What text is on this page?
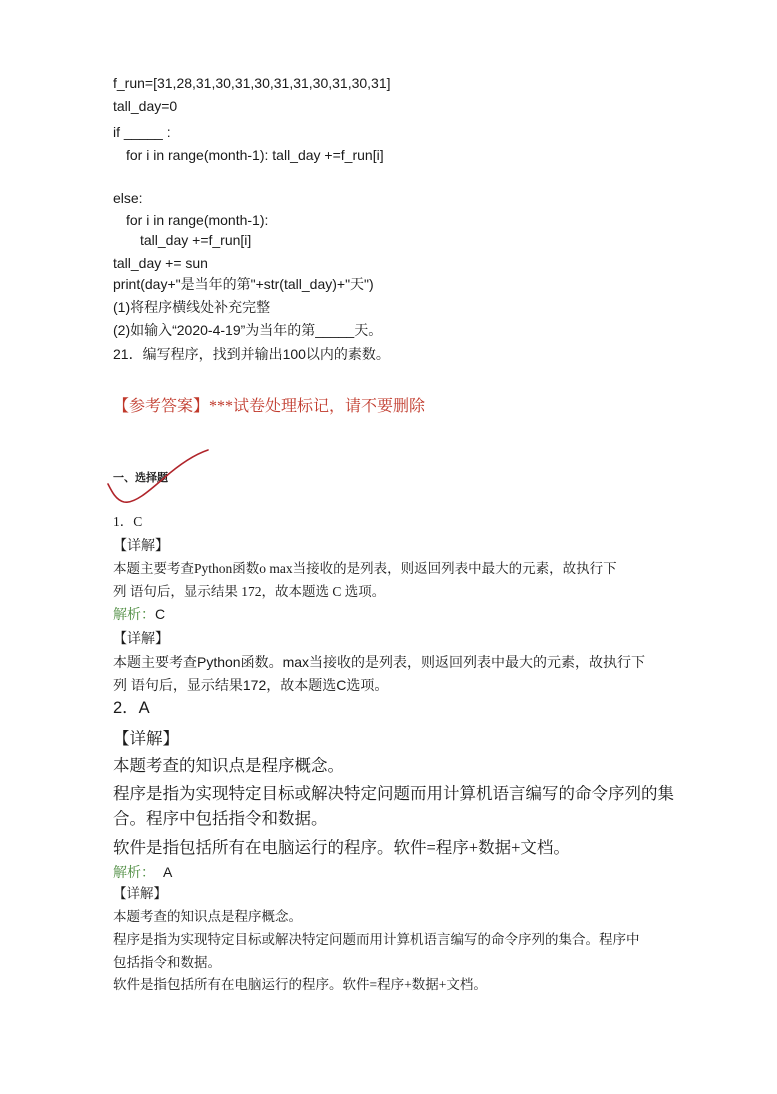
f_run=[31,28,31,30,31,30,31,31,30,31,30,31]
tall_day=0
if _____ :
for i in range(month-1): tall_day +=f_run[i]
else:
for i in range(month-1):
tall_day +=f_run[i]
tall_day += sun
print(day+"是当年的第"+str(tall_day)+"天")
(1)将程序横线处补充完整
(2)如输入“2020-4-19”为当年的第_____天。
21．编写程序，找到并输出100以内的素数。
【参考答案】***试卷处理标记，请不要删除
一、选择题
1．C
【详解】
本题主要考查Python函数o max当接收的是列表，则返回列表中最大的元素，故执行下
列 语句后，显示结果 172，故本题选 C 选项。
解析：C
【详解】
本题主要考查Python函数。max当接收的是列表，则返回列表中最大的元素，故执行下
列 语句后，显示结果172，故本题选C选项。
2．A
【详解】
本题考查的知识点是程序概念。
程序是指为实现特定目标或解决特定问题而用计算机语言编写的命令序列的集
合。程序中包括指令和数据。
软件是指包括所有在电脑运行的程序。软件=程序+数据+文档。
解析： A
【详解】
本题考查的知识点是程序概念。
程序是指为实现特定目标或解决特定问题而用计算机语言编写的命令序列的集合。程序中
包括指令和数据。
软件是指包括所有在电脑运行的程序。软件=程序+数据+文档。
